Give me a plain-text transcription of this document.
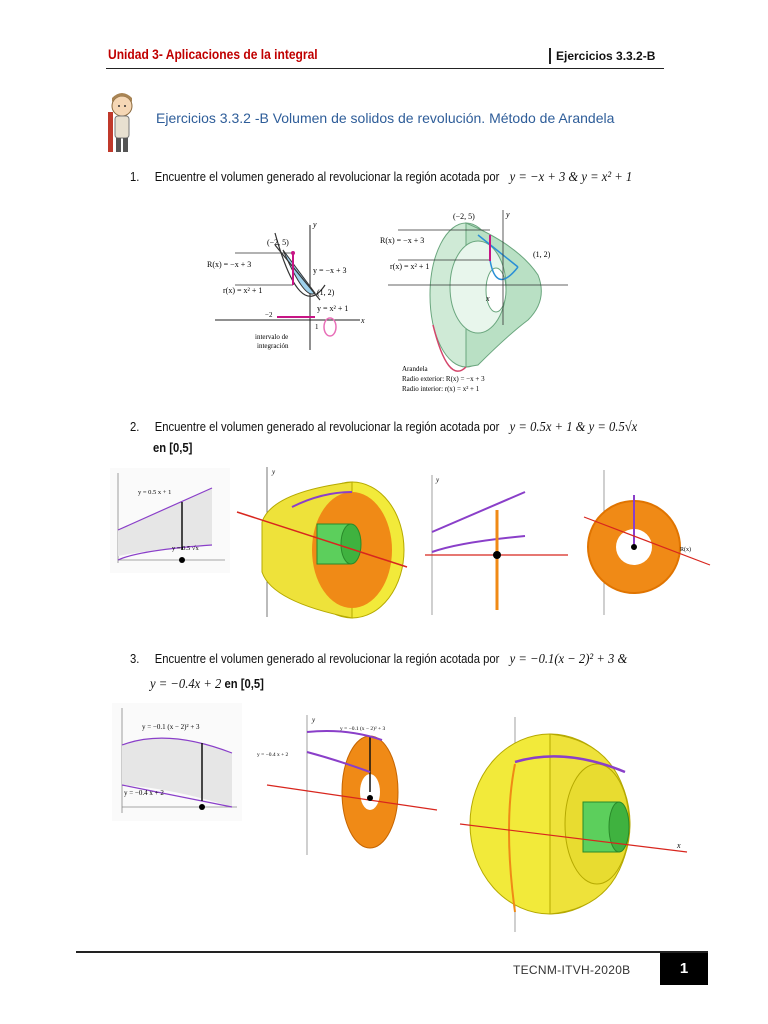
Unidad 3- Aplicaciones de la integral	Ejercicios 3.3.2-B
Ejercicios 3.3.2 -B Volumen de solidos de revolución. Método de Arandela
1. Encuentre el volumen generado al revolucionar la región acotada por y = −x + 3 & y = x² + 1
(−2, 5)
(1, 2)
R(x) = −x + 3
r(x) = x² + 1
y = −x + 3
y = x² + 1
intervalo de
integración
x
y
−2
1
(−2, 5)
(1, 2)
R(x) = −x + 3
r(x) = x² + 1
x
y
Arandela
Radio exterior: R(x) = −x + 3
Radio interior: r(x) = x² + 1
2. Encuentre el volumen generado al revolucionar la región acotada por y = 0.5x + 1 & y = 0.5√x
en [0,5]
y = 0.5 x + 1
y = 0.5 √x
y
y
R(x)
3. Encuentre el volumen generado al revolucionar la región acotada por y = −0.1(x − 2)² + 3 &
y = −0.4x + 2 en [0,5]
y = −0.1 (x − 2)² + 3
y = −0.4 x + 2
y = −0.1 (x − 2)² + 3
y = −0.4 x + 2
y
x
TECNM-ITVH-2020B	1
